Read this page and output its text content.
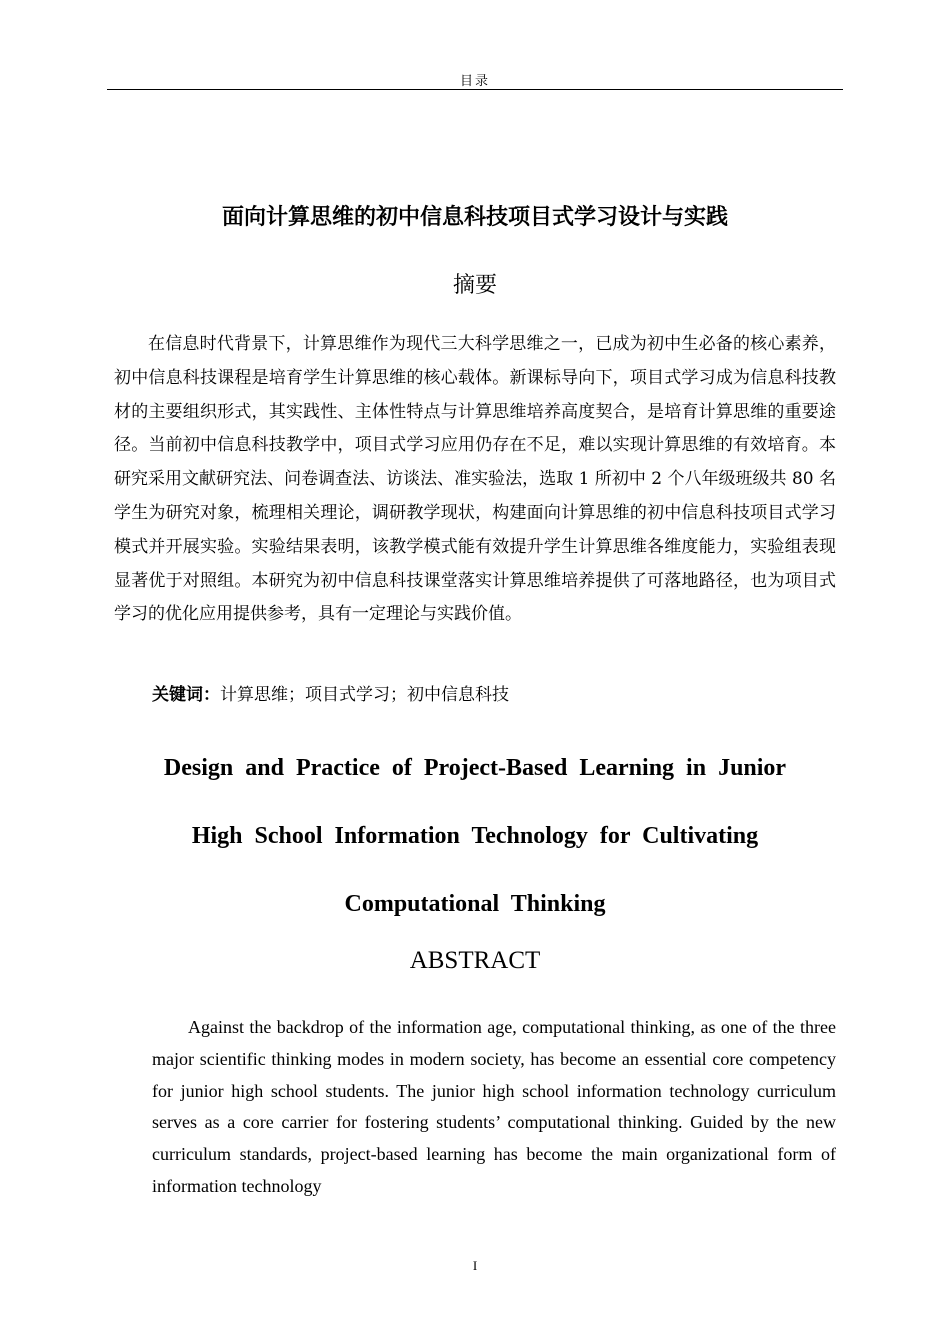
目录
面向计算思维的初中信息科技项目式学习设计与实践
摘要

在信息时代背景下，计算思维作为现代三大科学思维之一，已成为初中生必备的核心素养，初中信息科技课程是培育学生计算思维的核心载体。新课标导向下，项目式学习成为信息科技教材的主要组织形式，其实践性、主体性特点与计算思维培养高度契合，是培育计算思维的重要途径。当前初中信息科技教学中，项目式学习应用仍存在不足，难以实现计算思维的有效培育。本研究采用文献研究法、问卷调查法、访谈法、准实验法，选取 1 所初中 2 个八年级班级共 80 名学生为研究对象，梳理相关理论，调研教学现状，构建面向计算思维的初中信息科技项目式学习模式并开展实验。实验结果表明，该教学模式能有效提升学生计算思维各维度能力，实验组表现显著优于对照组。本研究为初中信息科技课堂落实计算思维培养提供了可落地路径，也为项目式学习的优化应用提供参考，具有一定理论与实践价值。

关键词：计算思维；项目式学习；初中信息科技

Design and Practice of Project-Based Learning in Junior High School Information Technology for Cultivating Computational Thinking

ABSTRACT

Against the backdrop of the information age, computational thinking, as one of the three major scientific thinking modes in modern society, has become an essential core competency for junior high school students. The junior high school information technology curriculum serves as a core carrier for fostering students’ computational thinking. Guided by the new curriculum standards, project-based learning has become the main organizational form of information technology

I
